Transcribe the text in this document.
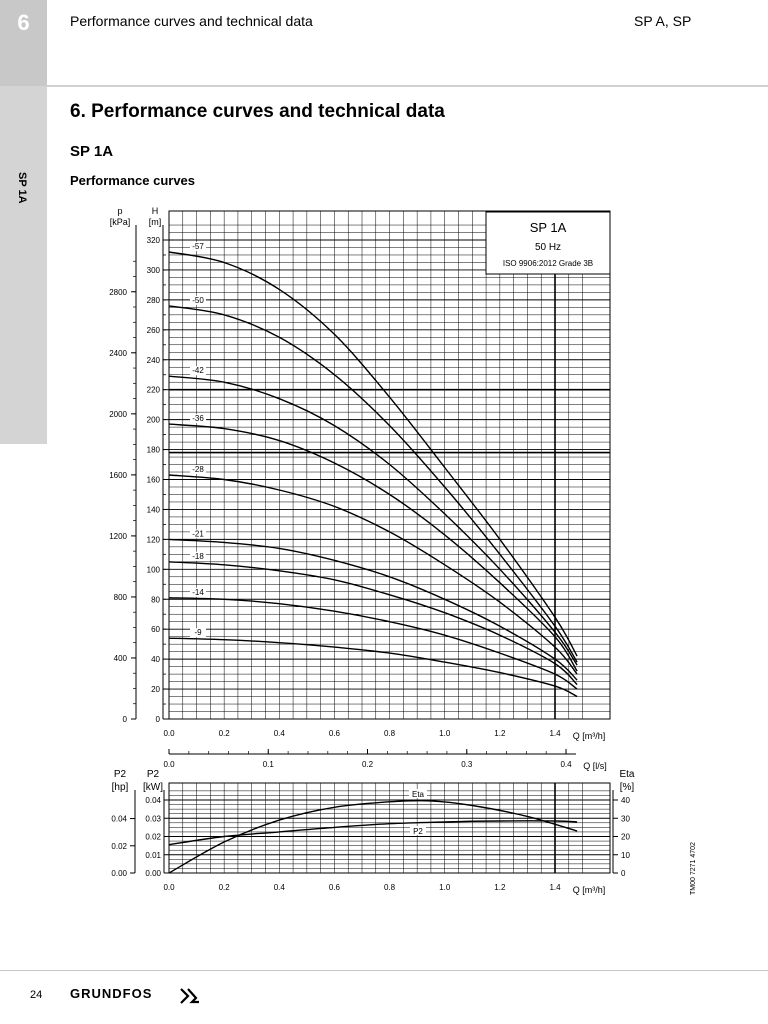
6
SP 1A
Performance curves and technical data	SP A, SP
6. Performance curves and technical data
SP 1A
Performance curves
SP 1A
50 Hz
ISO 9906:2012 Grade 3B
p
[kPa]
H
[m]
0
20
40
60
80
100
120
140
160
180
200
220
240
260
280
300
320
0
400
800
1200
1600
2000
2400
2800
0.0	0.2	0.4	0.6	0.8	1.0	1.2	1.4 Q [m³/h]
-57
-50
-42
-36
-28
-21
-18
-14
-9
0.0	0.1	0.2	0.3	0.4 Q [l/s]
P2
[hp]
P2
[kW]
Eta
[%]
0.00
0.01
0.02
0.03
0.04
0.00
0.02
0.04
0
10
20
30
40
0.0	0.2	0.4	0.6	0.8	1.0	1.2	1.4 Q [m³/h]
Eta
P2
TM00 7271 4702
24 GRUNDFOS
